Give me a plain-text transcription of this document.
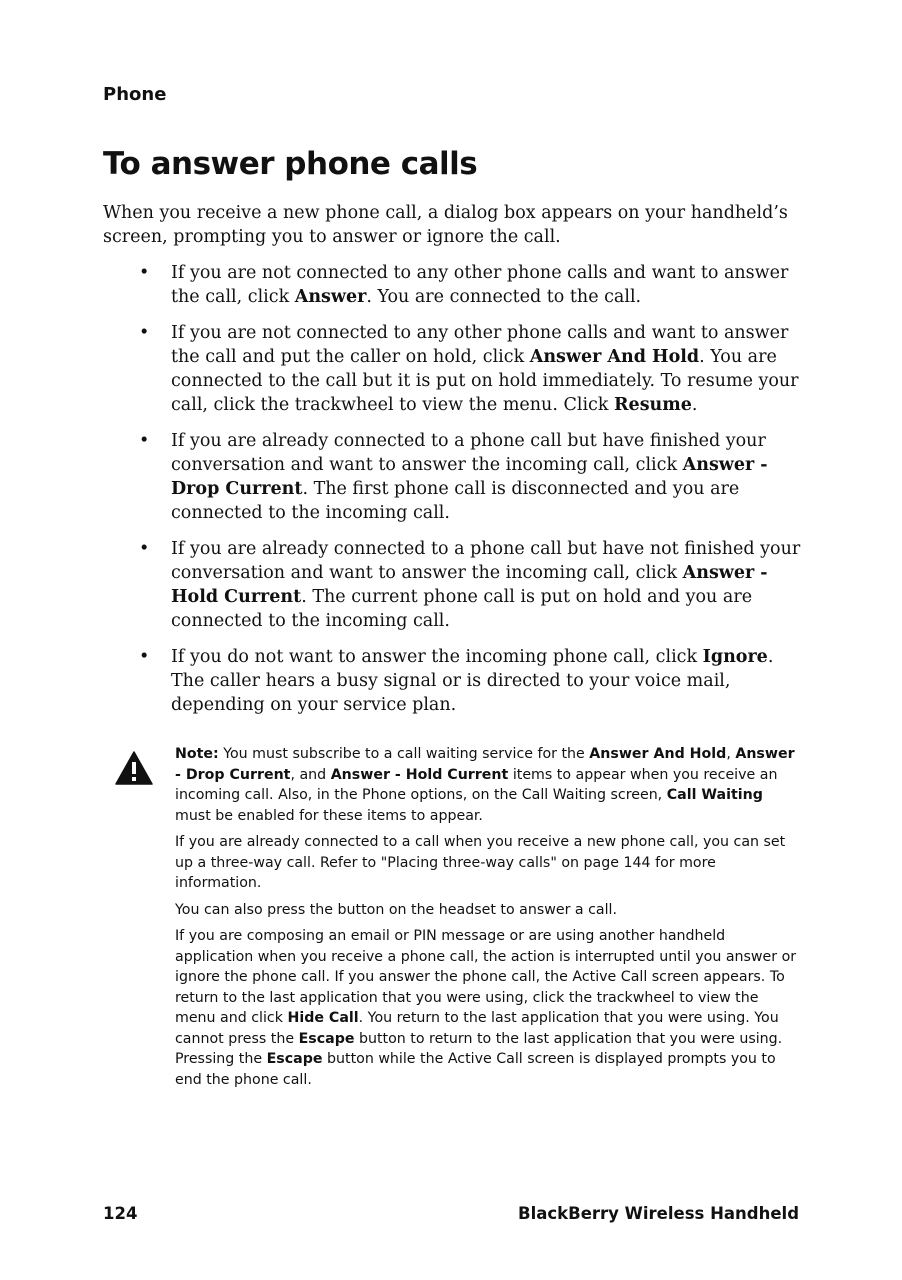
Phone
To answer phone calls

When you receive a new phone call, a dialog box appears on your handheld’s screen, prompting you to answer or ignore the call.

• If you are not connected to any other phone calls and want to answer the call, click Answer. You are connected to the call.
• If you are not connected to any other phone calls and want to answer the call and put the caller on hold, click Answer And Hold. You are connected to the call but it is put on hold immediately. To resume your call, click the trackwheel to view the menu. Click Resume.
• If you are already connected to a phone call but have finished your conversation and want to answer the incoming call, click Answer - Drop Current. The first phone call is disconnected and you are connected to the incoming call.
• If you are already connected to a phone call but have not finished your conversation and want to answer the incoming call, click Answer - Hold Current. The current phone call is put on hold and you are connected to the incoming call.
• If you do not want to answer the incoming phone call, click Ignore. The caller hears a busy signal or is directed to your voice mail, depending on your service plan.

Note: You must subscribe to a call waiting service for the Answer And Hold, Answer - Drop Current, and Answer - Hold Current items to appear when you receive an incoming call. Also, in the Phone options, on the Call Waiting screen, Call Waiting must be enabled for these items to appear.

If you are already connected to a call when you receive a new phone call, you can set up a three-way call. Refer to "Placing three-way calls" on page 144 for more information.

You can also press the button on the headset to answer a call.

If you are composing an email or PIN message or are using another handheld application when you receive a phone call, the action is interrupted until you answer or ignore the phone call. If you answer the phone call, the Active Call screen appears. To return to the last application that you were using, click the trackwheel to view the menu and click Hide Call. You return to the last application that you were using. You cannot press the Escape button to return to the last application that you were using. Pressing the Escape button while the Active Call screen is displayed prompts you to end the phone call.

124	BlackBerry Wireless Handheld
